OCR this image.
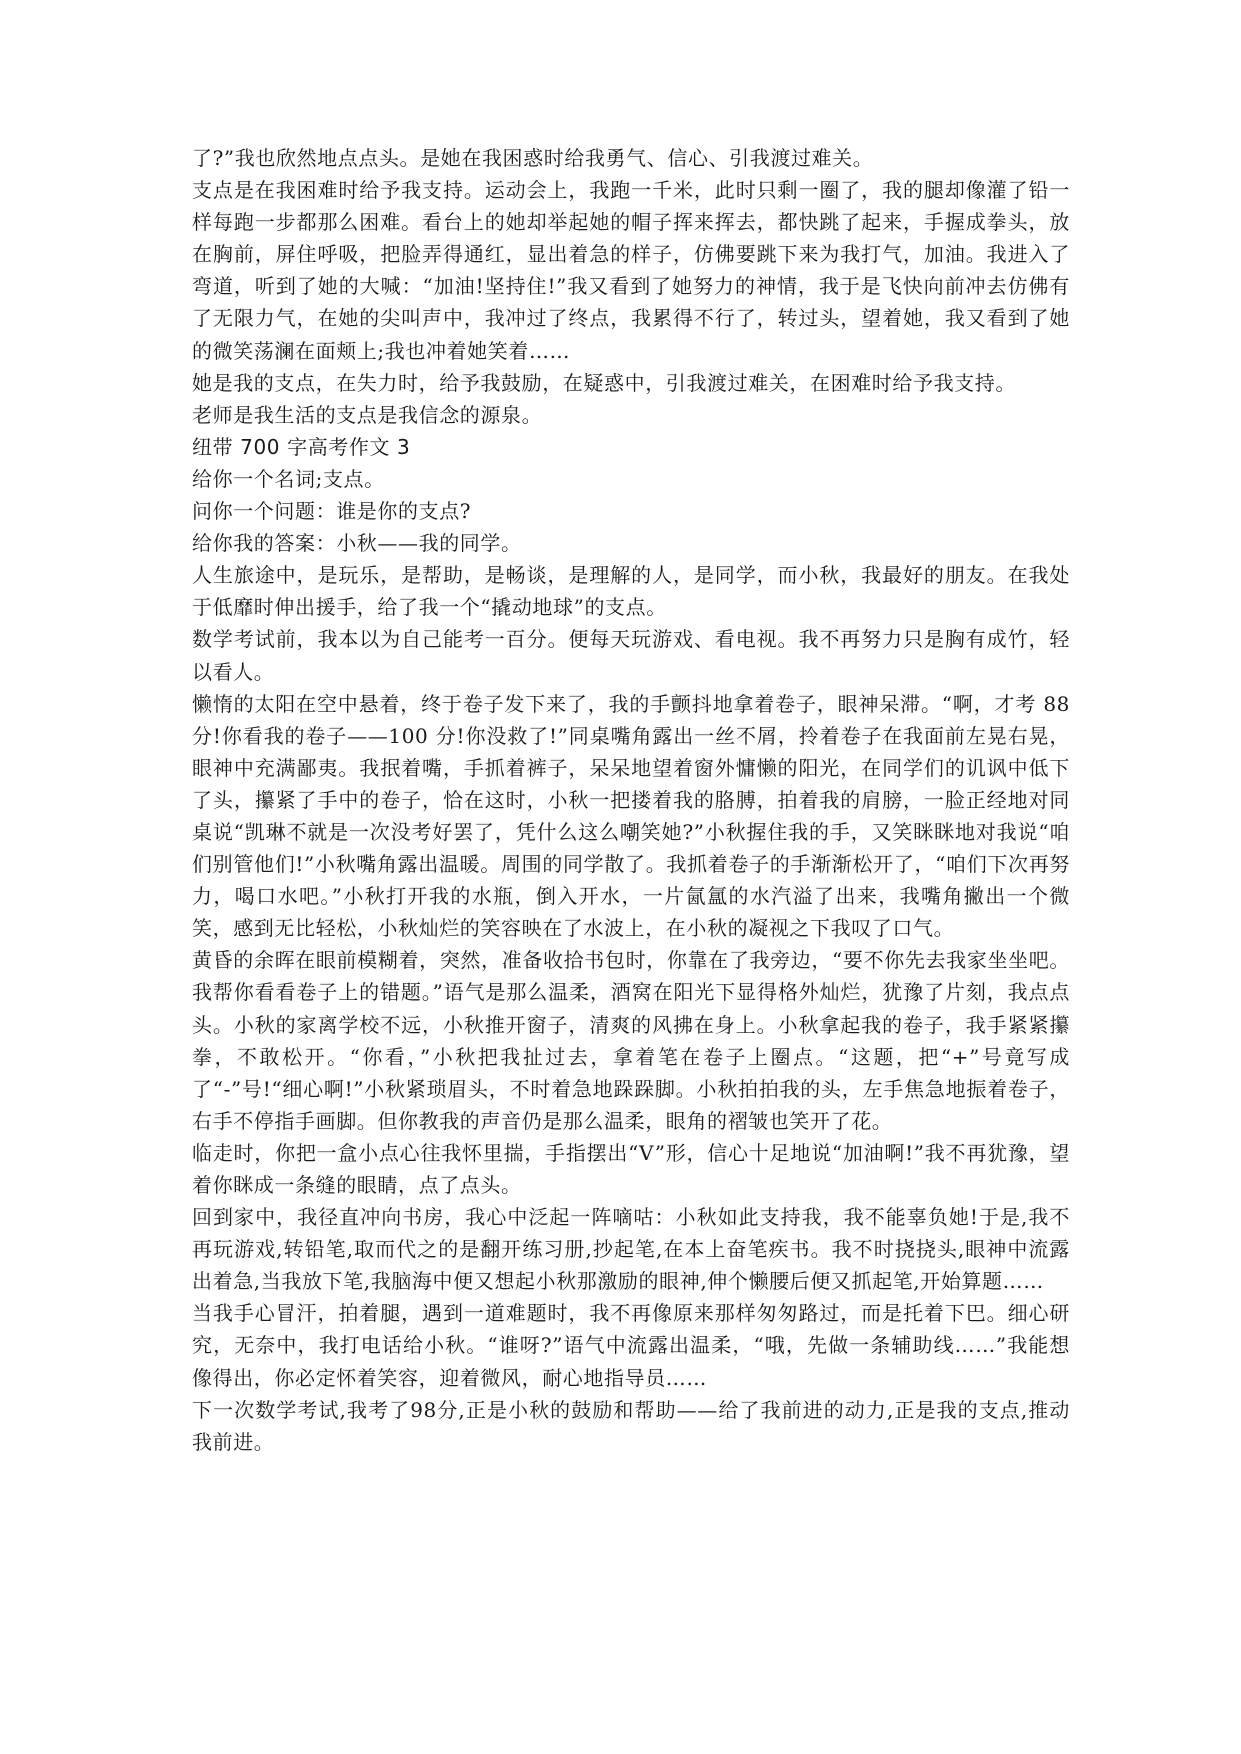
了?”我也欣然地点点头。是她在我困惑时给我勇气、信心、引我渡过难关。

支点是在我困难时给予我支持。运动会上，我跑一千米，此时只剩一圈了，我的腿却像灌了铅一样每跑一步都那么困难。看台上的她却举起她的帽子挥来挥去，都快跳了起来，手握成拳头，放在胸前，屏住呼吸，把脸弄得通红，显出着急的样子，仿佛要跳下来为我打气，加油。我进入了弯道，听到了她的大喊：“加油!坚持住!”我又看到了她努力的神情，我于是飞快向前冲去仿佛有了无限力气，在她的尖叫声中，我冲过了终点，我累得不行了，转过头，望着她，我又看到了她的微笑荡澜在面颊上;我也冲着她笑着……

她是我的支点，在失力时，给予我鼓励，在疑惑中，引我渡过难关，在困难时给予我支持。

老师是我生活的支点是我信念的源泉。

纽带 700 字高考作文 3

给你一个名词;支点。

问你一个问题：谁是你的支点?

给你我的答案：小秋——我的同学。

人生旅途中，是玩乐，是帮助，是畅谈，是理解的人，是同学，而小秋，我最好的朋友。在我处于低靡时伸出援手，给了我一个“撬动地球”的支点。

数学考试前，我本以为自己能考一百分。便每天玩游戏、看电视。我不再努力只是胸有成竹，轻以看人。

懒惰的太阳在空中悬着，终于卷子发下来了，我的手颤抖地拿着卷子，眼神呆滞。“啊，才考 88 分!你看我的卷子——100 分!你没救了!”同桌嘴角露出一丝不屑，拎着卷子在我面前左晃右晃，眼神中充满鄙夷。我抿着嘴，手抓着裤子，呆呆地望着窗外慵懒的阳光，在同学们的讥讽中低下了头，攥紧了手中的卷子，恰在这时，小秋一把搂着我的胳膊，拍着我的肩膀，一脸正经地对同桌说“凯琳不就是一次没考好罢了，凭什么这么嘲笑她?”小秋握住我的手，又笑眯眯地对我说“咱们别管他们!”小秋嘴角露出温暖。周围的同学散了。我抓着卷子的手渐渐松开了，“咱们下次再努力，喝口水吧。”小秋打开我的水瓶，倒入开水，一片氤氲的水汽溢了出来，我嘴角撇出一个微笑，感到无比轻松，小秋灿烂的笑容映在了水波上，在小秋的凝视之下我叹了口气。

黄昏的余晖在眼前模糊着，突然，准备收拾书包时，你靠在了我旁边，“要不你先去我家坐坐吧。我帮你看看卷子上的错题。”语气是那么温柔，酒窝在阳光下显得格外灿烂，犹豫了片刻，我点点头。小秋的家离学校不远，小秋推开窗子，清爽的风拂在身上。小秋拿起我的卷子，我手紧紧攥拳，不敢松开。“你看，”小秋把我扯过去，拿着笔在卷子上圈点。“这题，把“+”号竟写成了“-”号!“细心啊!”小秋紧琐眉头，不时着急地跺跺脚。小秋拍拍我的头，左手焦急地振着卷子，右手不停指手画脚。但你教我的声音仍是那么温柔，眼角的褶皱也笑开了花。

临走时，你把一盒小点心往我怀里揣，手指摆出“V”形，信心十足地说“加油啊!”我不再犹豫，望着你眯成一条缝的眼睛，点了点头。

回到家中，我径直冲向书房，我心中泛起一阵嘀咕：小秋如此支持我，我不能辜负她!于是,我不再玩游戏,转铅笔,取而代之的是翻开练习册,抄起笔,在本上奋笔疾书。我不时挠挠头,眼神中流露出着急,当我放下笔,我脑海中便又想起小秋那激励的眼神,伸个懒腰后便又抓起笔,开始算题……

当我手心冒汗，拍着腿，遇到一道难题时，我不再像原来那样匆匆路过，而是托着下巴。细心研究，无奈中，我打电话给小秋。“谁呀?”语气中流露出温柔，“哦，先做一条辅助线……”我能想像得出，你必定怀着笑容，迎着微风，耐心地指导员……

下一次数学考试,我考了98分,正是小秋的鼓励和帮助——给了我前进的动力,正是我的支点,推动我前进。
